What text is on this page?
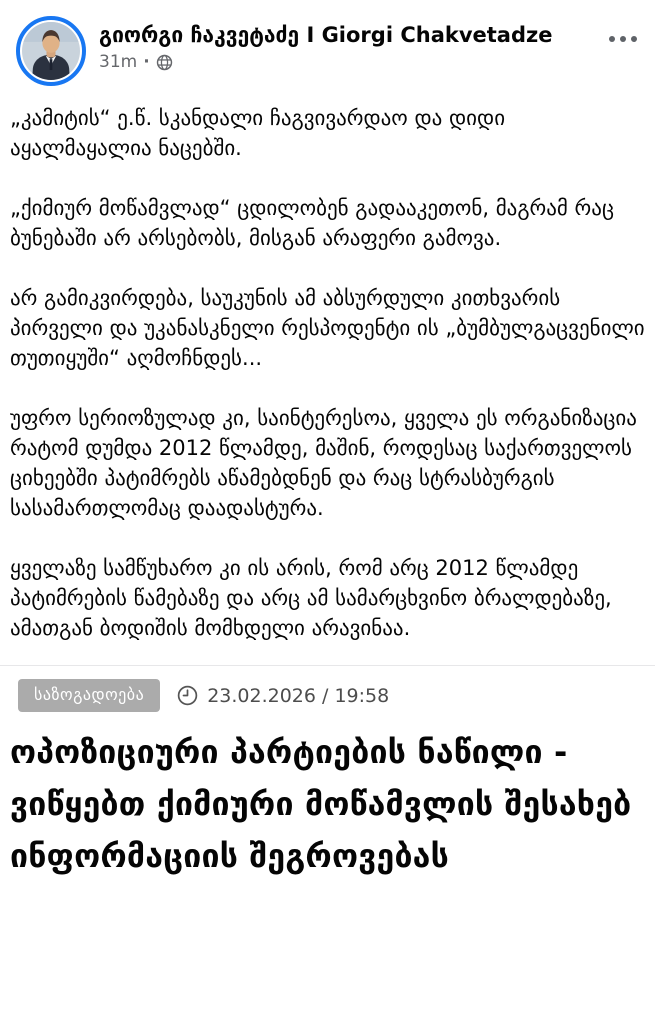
გიორგი ჩაკვეტაძე I Giorgi Chakvetadze
31m ·

„კამიტის“ ე.წ. სკანდალი ჩაგვივარდაო და დიდი აყალმაყალია ნაცებში.

„ქიმიურ მოწამვლად“ ცდილობენ გადააკეთონ, მაგრამ რაც ბუნებაში არ არსებობს, მისგან არაფერი გამოვა.

არ გამიკვირდება, საუკუნის ამ აბსურდული კითხვარის პირველი და უკანასკნელი რესპოდენტი ის „ბუმბულგაცვენილი თუთიყუში“ აღმოჩნდეს...

უფრო სერიოზულად კი, საინტერესოა, ყველა ეს ორგანიზაცია რატომ დუმდა 2012 წლამდე, მაშინ, როდესაც საქართველოს ციხეებში პატიმრებს აწამებდნენ და რაც სტრასბურგის სასამართლომაც დაადასტურა.

ყველაზე სამწუხარო კი ის არის, რომ არც 2012 წლამდე პატიმრების წამებაზე და არც ამ სამარცხვინო ბრალდებაზე, ამათგან ბოდიშის მომხდელი არავინაა.

საზოგადოება	23.02.2026 / 19:58
ოპოზიციური პარტიების ნაწილი - ვიწყებთ ქიმიური მოწამვლის შესახებ ინფორმაციის შეგროვებას
